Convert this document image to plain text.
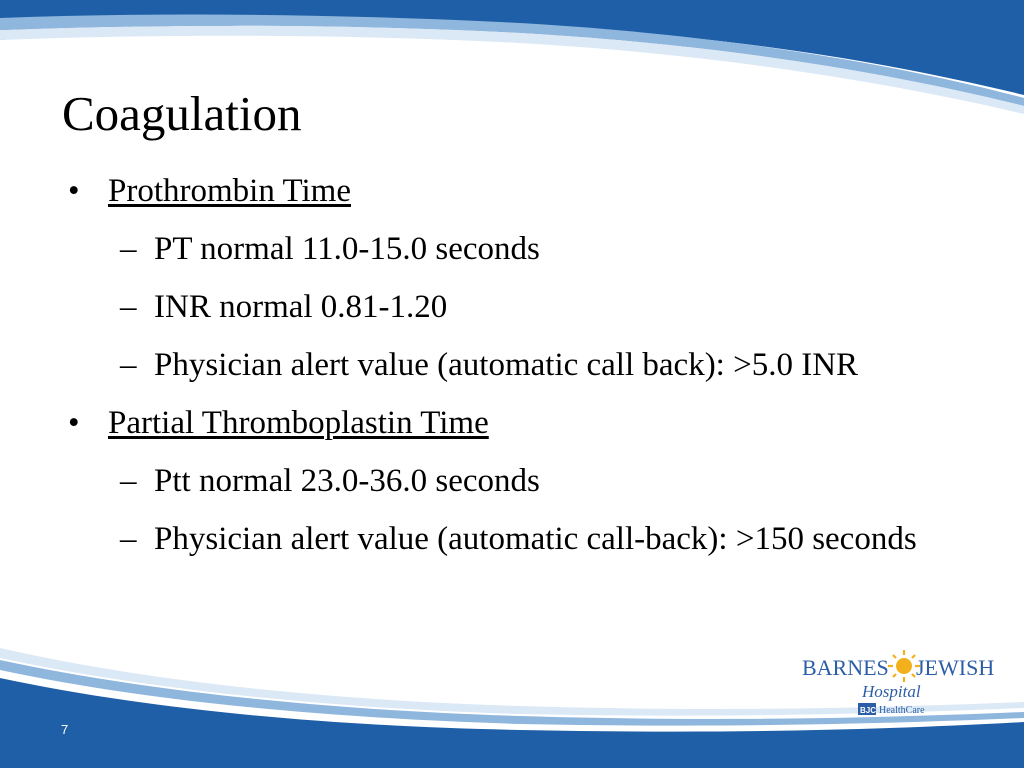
Coagulation
• Prothrombin Time
– PT normal 11.0-15.0 seconds
– INR normal 0.81-1.20
– Physician alert value (automatic call back): >5.0 INR
• Partial Thromboplastin Time
– Ptt normal 23.0-36.0 seconds
– Physician alert value (automatic call-back): >150 seconds
7
BARNES JEWISH
Hospital
BJC HealthCare
